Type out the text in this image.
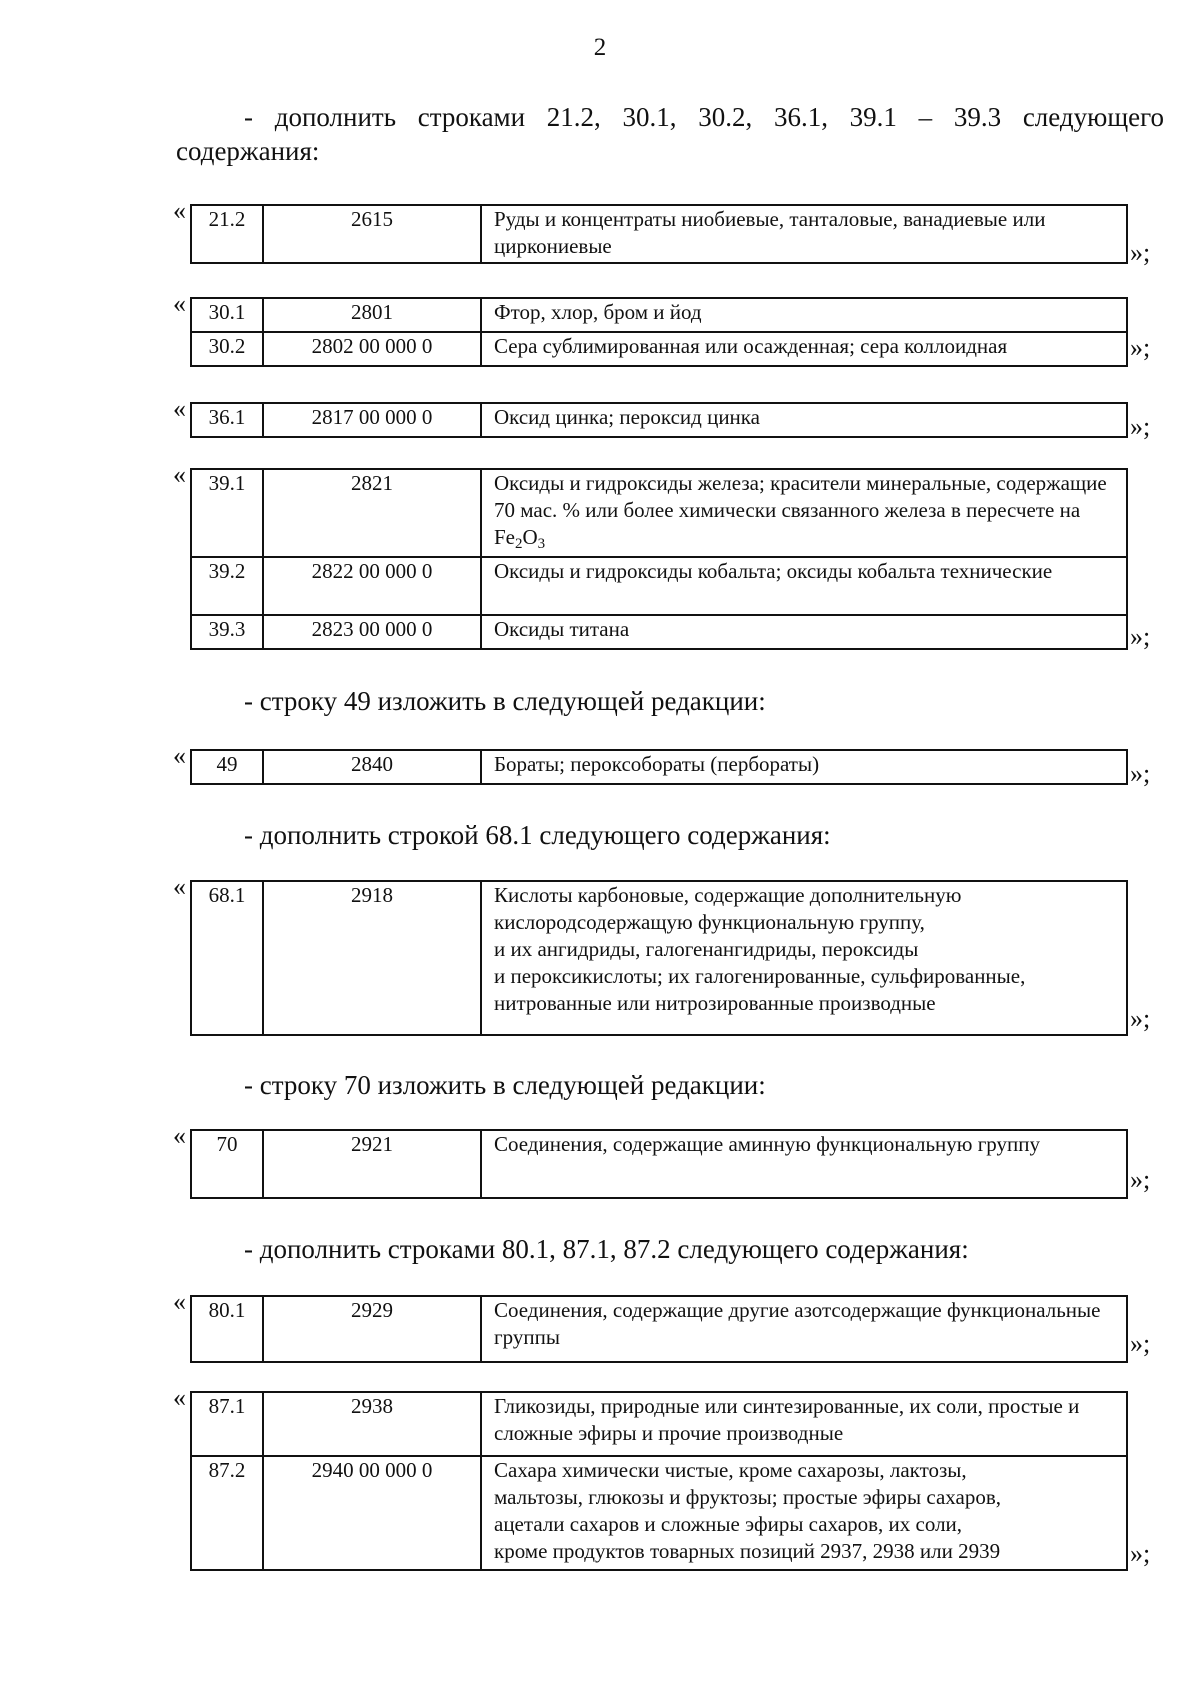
2
- дополнить строками 21.2, 30.1, 30.2, 36.1, 39.1 – 39.3 следующего
содержания:
« 21.2	2615	Руды и концентраты ниобиевые, танталовые, ванадиевые или циркониевые	»;
« 30.1	2801	Фтор, хлор, бром и йод
30.2	2802 00 000 0	Сера сублимированная или осажденная; сера коллоидная	»;
« 36.1	2817 00 000 0	Оксид цинка; пероксид цинка	»;
« 39.1	2821	Оксиды и гидроксиды железа; красители минеральные, содержащие 70 мас. % или более химически связанного железа в пересчете на $Fe_2O_3$
39.2	2822 00 000 0	Оксиды и гидроксиды кобальта; оксиды кобальта технические
39.3	2823 00 000 0	Оксиды титана	»;
- строку 49 изложить в следующей редакции:
« 49	2840	Бораты; пероксобораты (пербораты)	»;
- дополнить строкой 68.1 следующего содержания:
« 68.1	2918	Кислоты карбоновые, содержащие дополнительную
кислородсодержащую функциональную группу,
и их ангидриды, галогенангидриды, пероксиды
и пероксикислоты; их галогенированные, сульфированные,
нитрованные или нитрозированные производные
»;
- строку 70 изложить в следующей редакции:
« 70	2921	Соединения, содержащие аминную функциональную группу
»;
- дополнить строками 80.1, 87.1, 87.2 следующего содержания:
« 80.1	2929	Соединения, содержащие другие азотсодержащие функциональные группы	»;
« 87.1	2938	Гликозиды, природные или синтезированные, их соли, простые и сложные эфиры и прочие производные
87.2	2940 00 000 0	Сахара химически чистые, кроме сахарозы, лактозы,
мальтозы, глюкозы и фруктозы; простые эфиры сахаров,
ацетали сахаров и сложные эфиры сахаров, их соли,
кроме продуктов товарных позиций 2937, 2938 или 2939	»;
